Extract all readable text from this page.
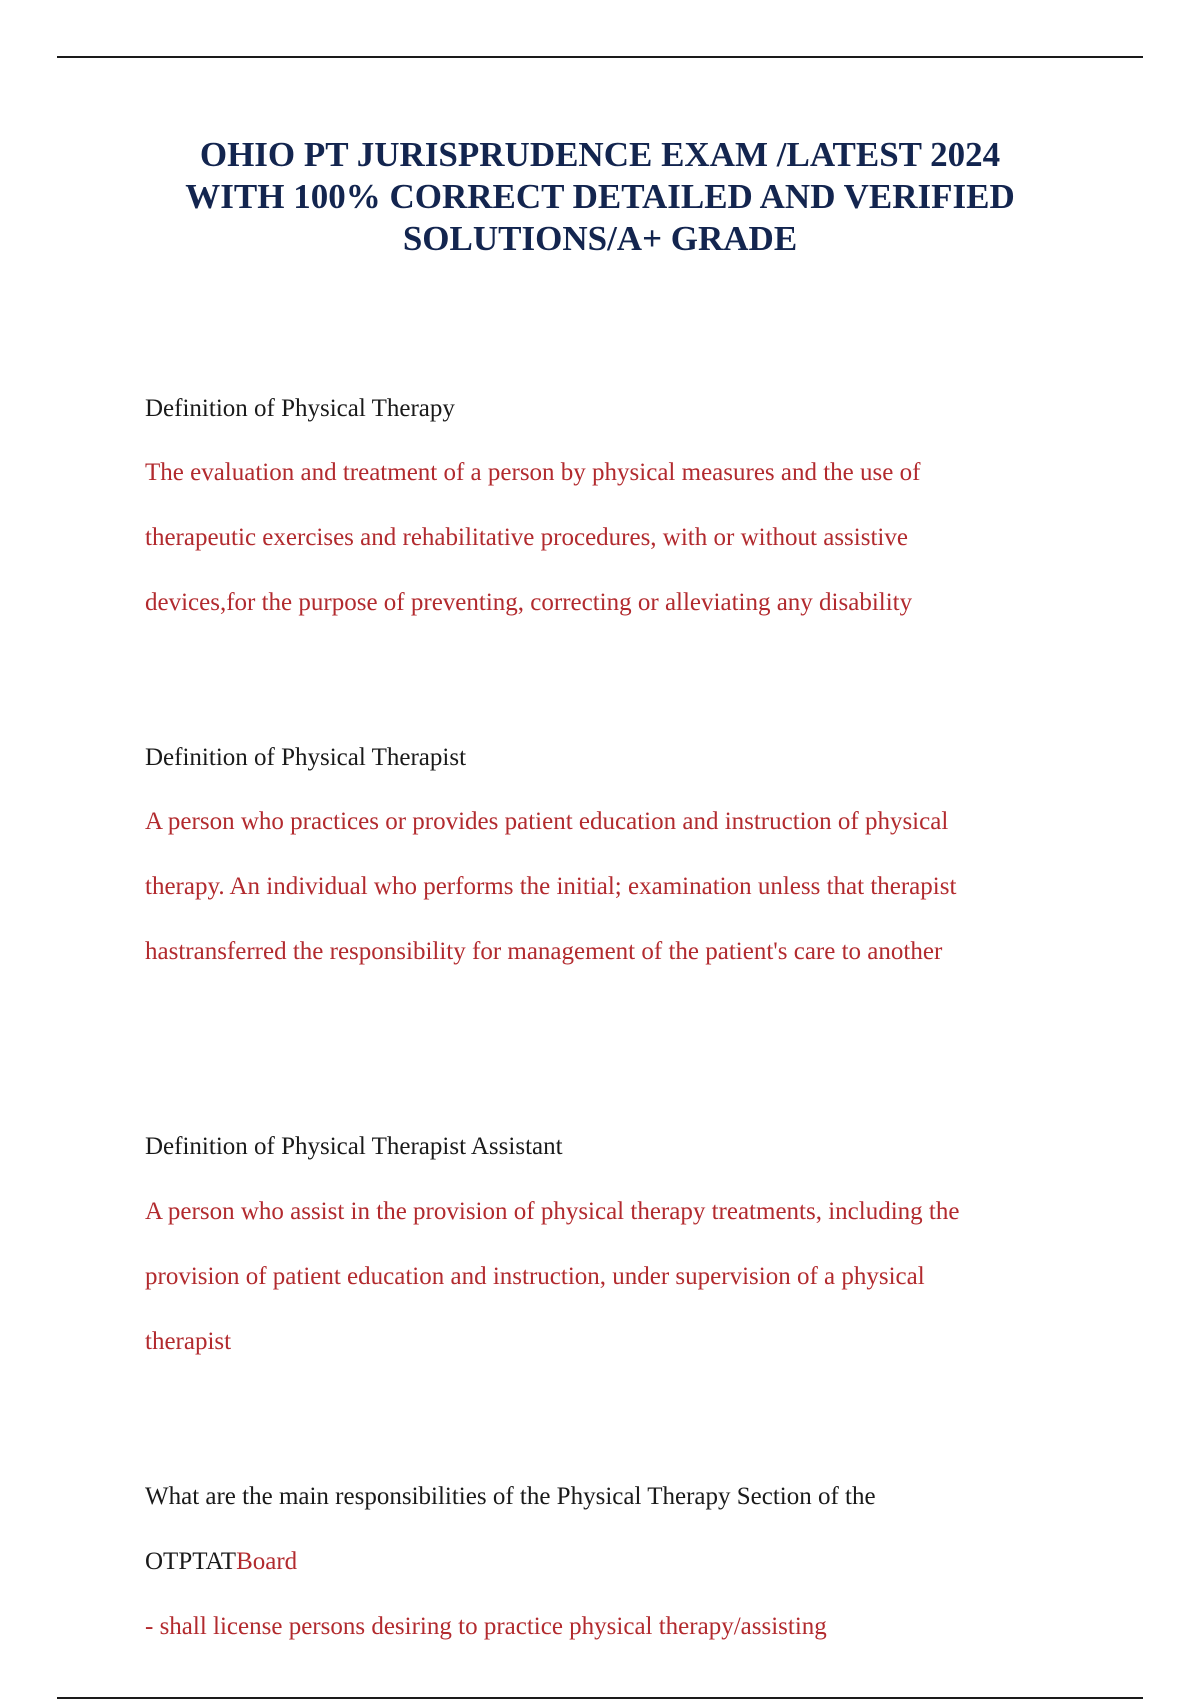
OHIO PT JURISPRUDENCE EXAM /LATEST 2024
WITH 100% CORRECT DETAILED AND VERIFIED
SOLUTIONS/A+ GRADE

Definition of Physical Therapy

The evaluation and treatment of a person by physical measures and the use of
therapeutic exercises and rehabilitative procedures, with or without assistive
devices,for the purpose of preventing, correcting or alleviating any disability

Definition of Physical Therapist

A person who practices or provides patient education and instruction of physical
therapy. An individual who performs the initial; examination unless that therapist
hastransferred the responsibility for management of the patient's care to another

Definition of Physical Therapist Assistant

A person who assist in the provision of physical therapy treatments, including the
provision of patient education and instruction, under supervision of a physical
therapist

What are the main responsibilities of the Physical Therapy Section of the
OTPTATBoard

- shall license persons desiring to practice physical therapy/assisting
